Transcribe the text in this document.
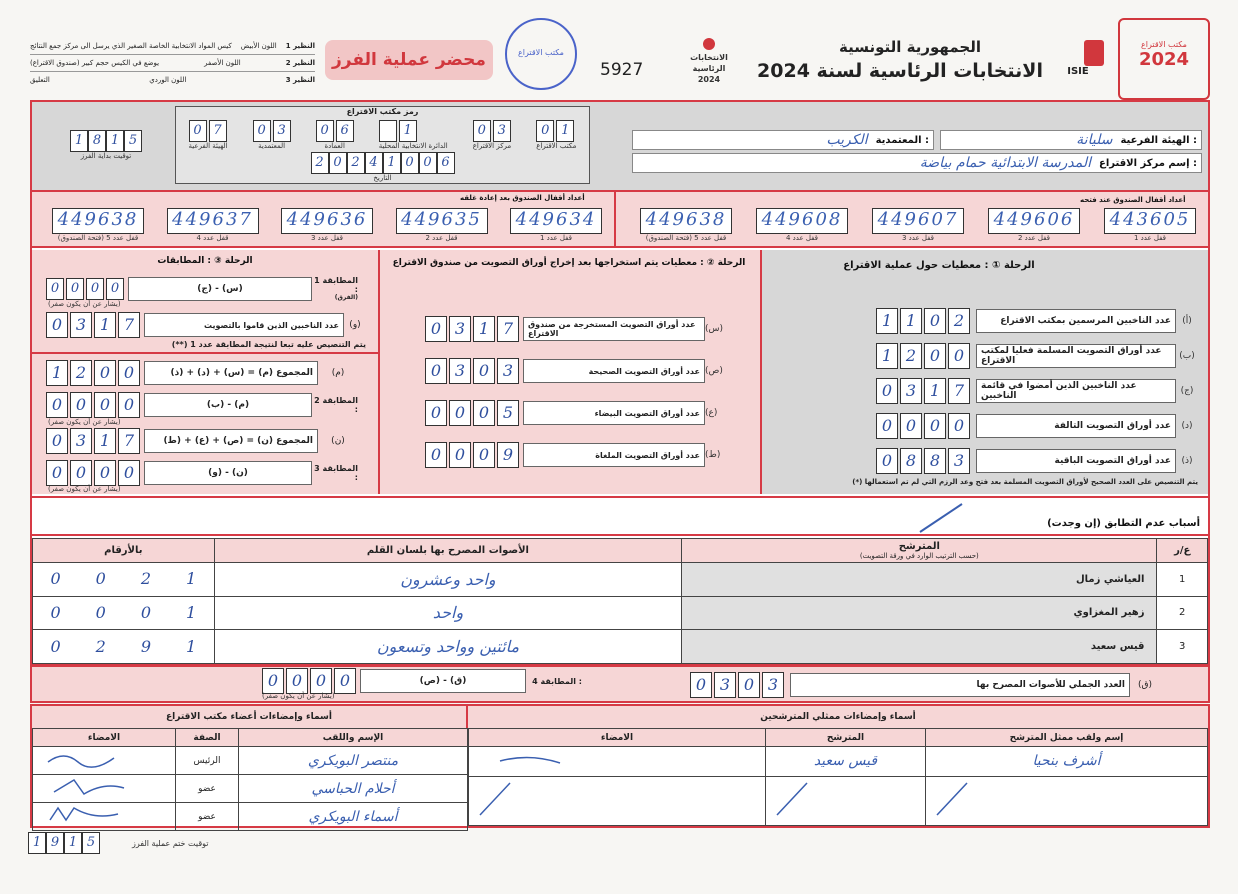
كيس المواد الانتخابية الخاصة الصغير الذي يرسل الى مركز جمع النتائج اللون الأبيض النظير 1
يوضع في الكيس حجم كبير (صندوق الاقتراع)	اللون الأصفر	النظير 2
التعليق	اللون الوردي	النظير 3
محضر عملية الفرز	مكتب الاقتراع
5927
الانتخابات الرئاسية 2024
الجمهورية التونسية
الانتخابات الرئاسية لسنة 2024	ISIE
مكتب الاقتراع
2024
رمز مكتب الاقتراع
0 1
مكتب الاقتراع
0 3
مركز الاقتراع
1
الدائرة الانتخابية المحلية
0 6
العمادة
0 3
المعتمدية
0 7
الهيئة الفرعية
2 0 2 4 1 0 0 6
التاريخ
1 8 1 5
توقيت بداية الفرز
سليانة الهيئة الفرعية :
الكريب المعتمدية :
المدرسة الابتدائية حمام بياضة إسم مركز الاقتراع :
أعداد أقفال الصندوق عند فتحه
أعداد أقفال الصندوق بعد إعادة غلقه
443605
قفل عدد 1
449606
قفل عدد 2
449607
قفل عدد 3
449608
قفل عدد 4
449638
قفل عدد 5 (فتحة الصندوق)
449634
قفل عدد 1
449635
قفل عدد 2
449636
قفل عدد 3
449637
قفل عدد 4
449638
قفل عدد 5 (فتحة الصندوق)
الرحلة ① : معطيات حول عملية الاقتراع
1 1 0 2	عدد الناخبين المرسمين بمكتب الاقتراع	(أ)
1 2 0 0	عدد أوراق التصويت المسلمة فعليا لمكتب الاقتراع	(ب)
0 3 1 7	عدد الناخبين الذين أمضوا في قائمة الناخبين	(ج)
0 0 0 0	عدد أوراق التصويت التالفة	(د)
0 8 8 3	عدد أوراق التصويت الباقية	(ذ)
(*) يتم التنصيص على العدد الصحيح لأوراق التصويت المسلمة بعد فتح وعد الرزم التي لم تم استعمالها
الرحلة ② : معطيات يتم استخراجها بعد إخراج أوراق التصويت من صندوق الاقتراع
0 3 1 7	عدد أوراق التصويت المستخرجة من صندوق الاقتراع	(س)
0 3 0 3	عدد أوراق التصويت الصحيحة (ص)
0 0 0 5	عدد أوراق التصويت البيضاء (ع)
0 0 0 9	عدد أوراق التصويت الملغاة (ط)
الرحلة ③ : المطابقات
0 0 0 0	(ج) - (س)
المطابقة 1 :
(الفرق)
(يشار عن أن يكون صفر)
0 3 1 7	عدد الناخبين الذين قاموا بالتصويت	(و)
(**) يتم التنصيص عليه تبعا لنتيجة المطابقة عدد 1
1 2 0 0	المجموع (م) = (س) + (د) + (ذ)	(م)
0 0 0 0	(ب) - (م)	المطابقة 2 :
(يشار عن أن يكون صفر)
0 3 1 7	المجموع (ن) = (ص) + (ع) + (ط)	(ن)
0 0 0 0	(و) - (ن)	المطابقة 3 :
(يشار عن أن يكون صفر)
أسباب عدم التطابق (إن وجدت)
بالأرقام	الأصوات المصرح بها بلسان القلم	المترشح
(حسب الترتيب الوارد في ورقة التصويت)	ع/ر

0 0 2 1	واحد وعشرون	العياشي زمال	1

0 0 0 1	واحد	زهير المغزاوي	2

0 2 9 1	مائتين وواحد وتسعون	قيس سعيد	3
0 3 0 3	العدد الجملي للأصوات المصرح بها	(ق)
0 0 0 0	(ص) - (ق)	المطابقة 4 :
(يشار عن أن يكون صفر)
أسماء وإمضاءات ممثلي المترشحين
أسماء وإمضاءات أعضاء مكتب الاقتراع
الامضاء	المترشح	إسم ولقب ممثل المترشح
	قيس سعيد	أشرف بنحيا

الامضاء	الصفة	الإسم واللقب
	الرئيس	منتصر البويكري
	عضو	أحلام الحباسي
	عضو	أسماء البويكري
1 9 1 5	توقيت ختم عملية الفرز
